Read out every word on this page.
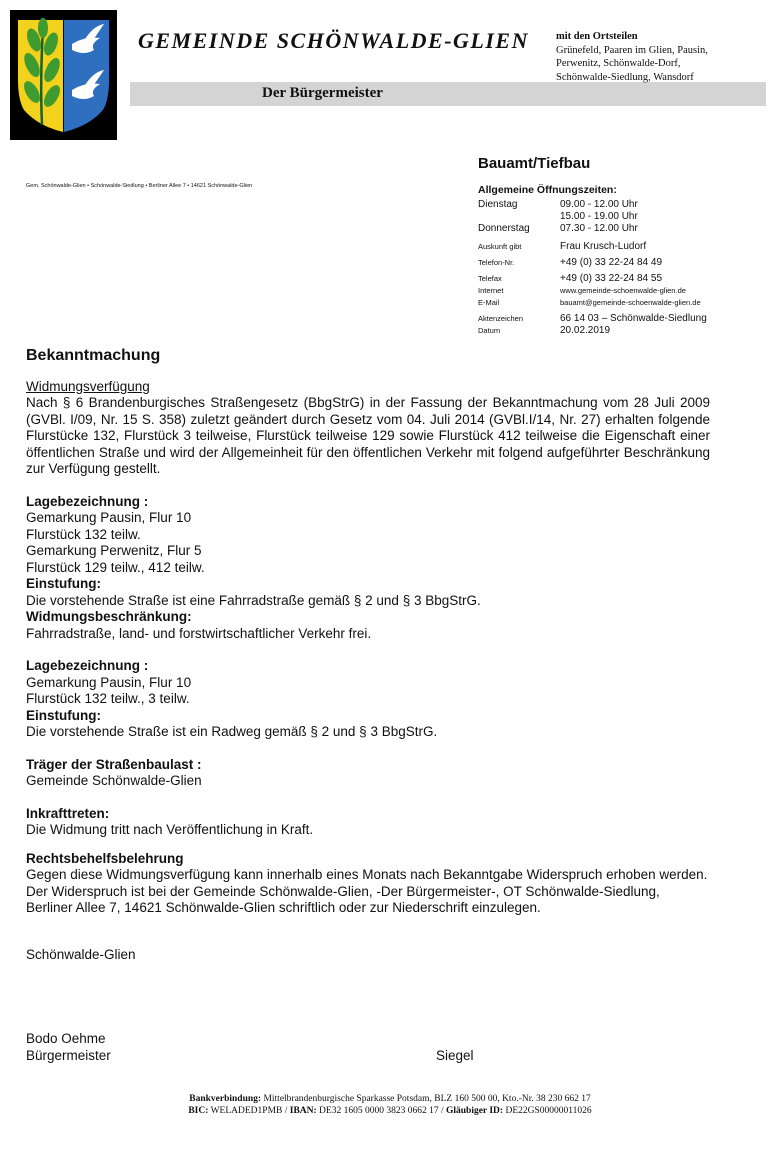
GEMEINDE SCHÖNWALDE-GLIEN
Der Bürgermeister
mit den Ortsteilen
Grünefeld, Paaren im Glien, Pausin,
Perwenitz, Schönwalde-Dorf,
Schönwalde-Siedlung, Wansdorf
Gem. Schönwalde-Glien • Schönwalde-Siedlung • Berliner Allee 7 • 14621 Schönwalde-Glien
Bauamt/Tiefbau
Allgemeine Öffnungszeiten:
Dienstag	09.00 - 12.00 Uhr
15.00 - 19.00 Uhr
Donnerstag	07.30 - 12.00 Uhr
Auskunft gibt	Frau Krusch-Ludorf
Telefon-Nr.	+49 (0) 33 22-24 84 49
Telefax	+49 (0) 33 22-24 84 55
Internet	www.gemeinde-schoenwalde-glien.de
E-Mail	bauamt@gemeinde-schoenwalde-glien.de
Aktenzeichen	66 14 03 – Schönwalde-Siedlung
Datum	20.02.2019

Bekanntmachung

Widmungsverfügung

Nach § 6 Brandenburgisches Straßengesetz (BbgStrG) in der Fassung der Bekanntmachung vom 28 Juli 2009 (GVBl. I/09, Nr. 15 S. 358) zuletzt geändert durch Gesetz vom 04. Juli 2014 (GVBl.I/14, Nr. 27) erhalten folgende Flurstücke 132, Flurstück 3 teilweise, Flurstück teilweise 129 sowie Flurstück 412 teilweise die Eigenschaft einer öffentlichen Straße und wird der Allgemeinheit für den öffentlichen Verkehr mit folgend aufgeführter Beschränkung zur Verfügung gestellt.

Lagebezeichnung :

Gemarkung Pausin, Flur 10

Flurstück 132 teilw.

Gemarkung Perwenitz, Flur 5

Flurstück 129 teilw., 412 teilw.

Einstufung:

Die vorstehende Straße ist eine Fahrradstraße gemäß § 2 und § 3 BbgStrG.

Widmungsbeschränkung:

Fahrradstraße, land- und forstwirtschaftlicher Verkehr frei.

Lagebezeichnung :

Gemarkung Pausin, Flur 10

Flurstück 132 teilw., 3 teilw.

Einstufung:

Die vorstehende Straße ist ein Radweg gemäß § 2 und § 3 BbgStrG.

Träger der Straßenbaulast :

Gemeinde Schönwalde-Glien

Inkrafttreten:

Die Widmung tritt nach Veröffentlichung in Kraft.

Rechtsbehelfsbelehrung

Gegen diese Widmungsverfügung kann innerhalb eines Monats nach Bekanntgabe Widerspruch erhoben werden. Der Widerspruch ist bei der Gemeinde Schönwalde-Glien, -Der Bürgermeister-, OT Schönwalde-Siedlung, Berliner Allee 7, 14621 Schönwalde-Glien schriftlich oder zur Niederschrift einzulegen.

Schönwalde-Glien

Bodo Oehme

Bürgermeister	Siegel
Bankverbindung: Mittelbrandenburgische Sparkasse Potsdam, BLZ 160 500 00, Kto.-Nr. 38 230 662 17
BIC: WELADED1PMB / IBAN: DE32 1605 0000 3823 0662 17 / Gläubiger ID: DE22GS00000011026
